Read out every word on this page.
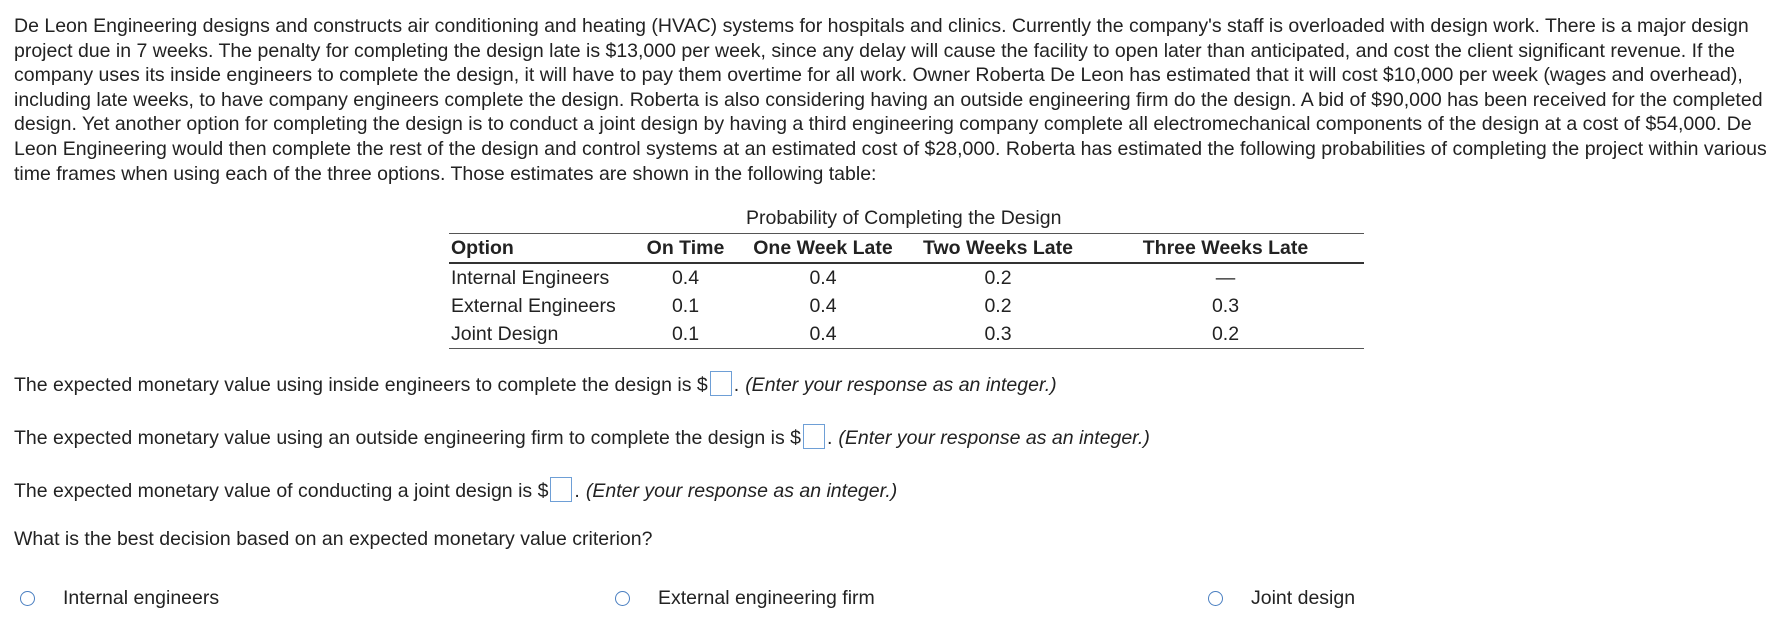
De Leon Engineering designs and constructs air conditioning and heating (HVAC) systems for hospitals and clinics. Currently the company's staff is overloaded with design work. There is a major design project due in 7 weeks. The penalty for completing the design late is $13,000 per week, since any delay will cause the facility to open later than anticipated, and cost the client significant revenue. If the company uses its inside engineers to complete the design, it will have to pay them overtime for all work. Owner Roberta De Leon has estimated that it will cost $10,000 per week (wages and overhead), including late weeks, to have company engineers complete the design. Roberta is also considering having an outside engineering firm do the design. A bid of $90,000 has been received for the completed design. Yet another option for completing the design is to conduct a joint design by having a third engineering company complete all electromechanical components of the design at a cost of $54,000. De Leon Engineering would then complete the rest of the design and control systems at an estimated cost of $28,000. Roberta has estimated the following probabilities of completing the project within various time frames when using each of the three options. Those estimates are shown in the following table:
Probability of Completing the Design
Option	On Time	One Week Late	Two Weeks Late	Three Weeks Late
Internal Engineers	0.4	0.4	0.2	—
External Engineers	0.1	0.4	0.2	0.3
Joint Design	0.1	0.4	0.3	0.2
The expected monetary value using inside engineers to complete the design is $ . (Enter your response as an integer.)
The expected monetary value using an outside engineering firm to complete the design is $ . (Enter your response as an integer.)
The expected monetary value of conducting a joint design is $ . (Enter your response as an integer.)
What is the best decision based on an expected monetary value criterion?
Internal engineers	External engineering firm	Joint design
